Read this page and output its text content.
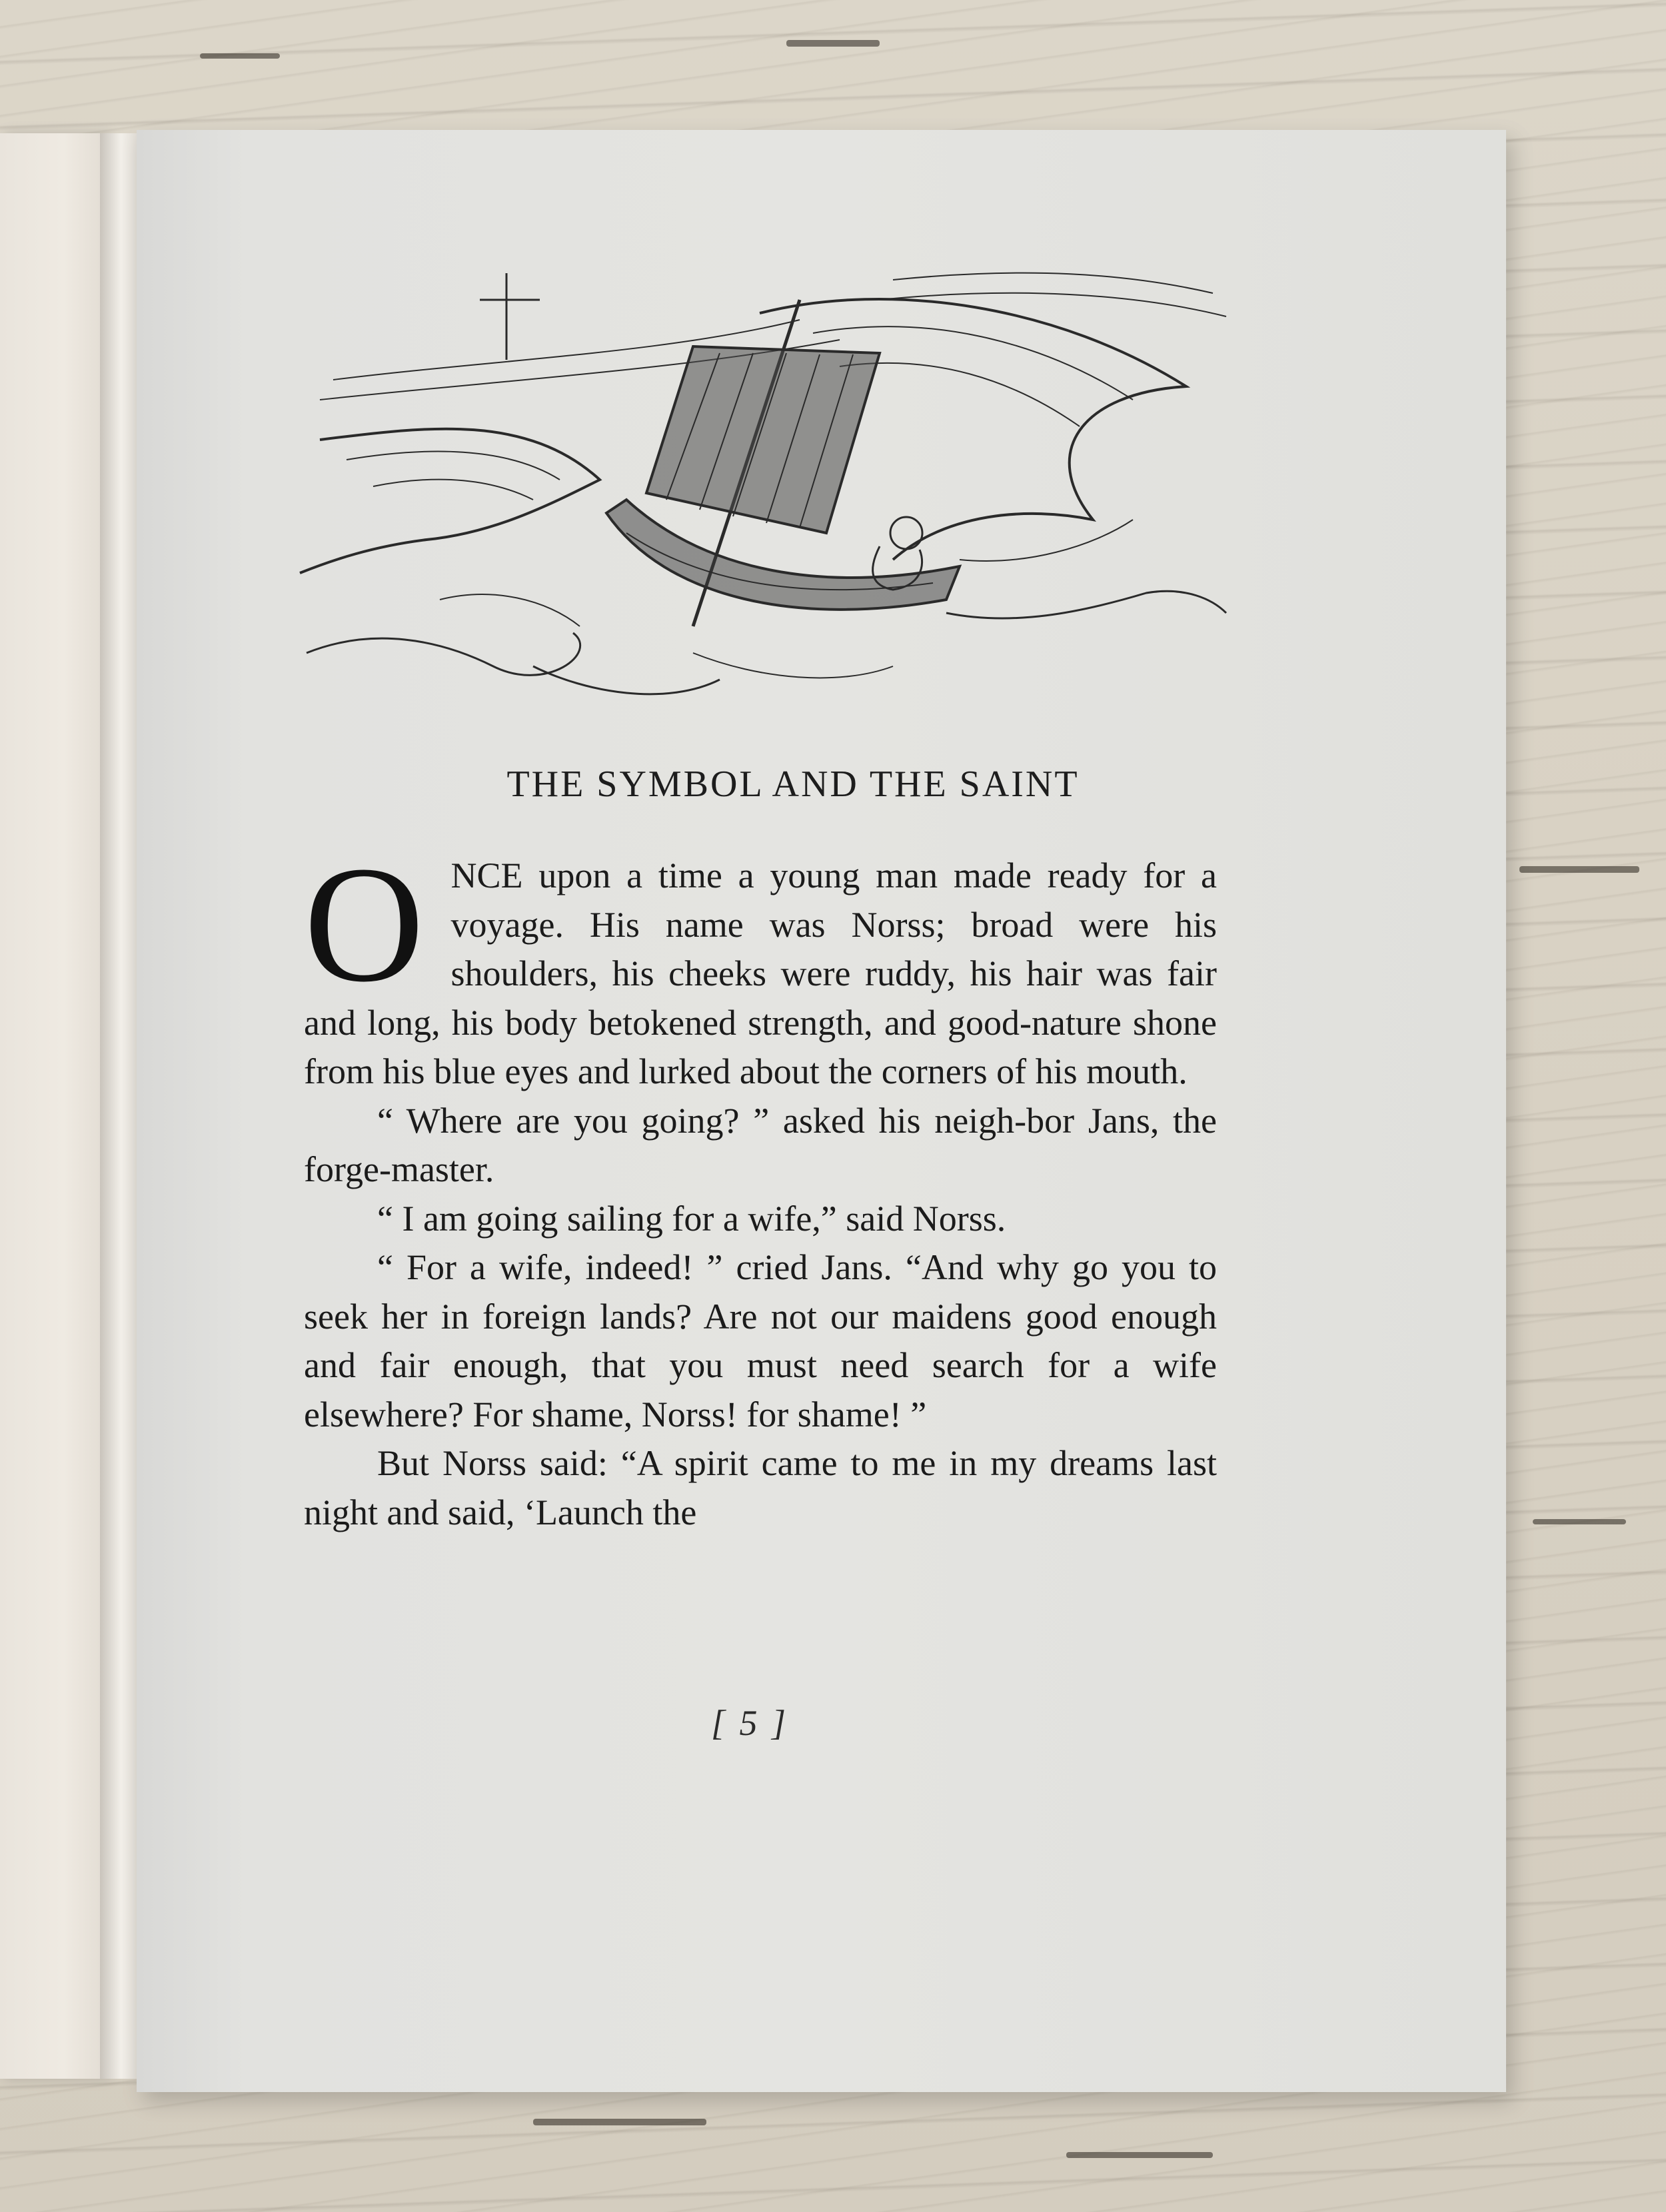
THE SYMBOL AND THE SAINT

ONCE upon a time a young man made ready for a voyage. His name was Norss; broad were his shoulders, his cheeks were ruddy, his hair was fair and long, his body betokened strength, and good-nature shone from his blue eyes and lurked about the corners of his mouth.

“ Where are you going? ” asked his neigh-bor Jans, the forge-master.

“ I am going sailing for a wife,” said Norss.

“ For a wife, indeed! ” cried Jans. “And why go you to seek her in foreign lands? Are not our maidens good enough and fair enough, that you must need search for a wife elsewhere? For shame, Norss! for shame! ”

But Norss said: “A spirit came to me in my dreams last night and said, ‘Launch the

[ 5 ]
